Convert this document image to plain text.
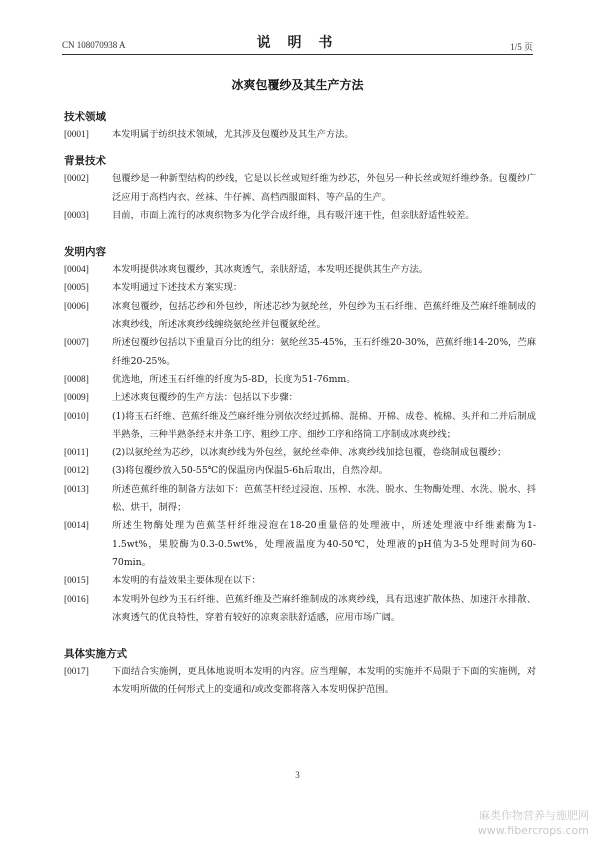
CN 108070938 A	说 明 书	1/5 页
冰爽包覆纱及其生产方法
技术领域
[0001]	本发明属于纺织技术领域，尤其涉及包覆纱及其生产方法。
背景技术
[0002]	包覆纱是一种新型结构的纱线，它是以长丝或短纤维为纱芯，外包另一种长丝或短纤维纱条。包覆纱广泛应用于高档内衣、丝袜、牛仔裤、高档西服面料、等产品的生产。
[0003]	目前，市面上流行的冰爽织物多为化学合成纤维，具有吸汗速干性，但亲肤舒适性较差。
发明内容
[0004]	本发明提供冰爽包覆纱，其冰爽透气，亲肤舒适，本发明还提供其生产方法。
[0005]	本发明通过下述技术方案实现：
[0006]	冰爽包覆纱，包括芯纱和外包纱，所述芯纱为氨纶丝，外包纱为玉石纤维、芭蕉纤维及苎麻纤维制成的冰爽纱线，所述冰爽纱线缠绕氨纶丝并包覆氨纶丝。
[0007]	所述包覆纱包括以下重量百分比的组分：氨纶丝35-45%，玉石纤维20-30%，芭蕉纤维14-20%，苎麻纤维20-25%。
[0008]	优选地，所述玉石纤维的纤度为5-8D，长度为51-76mm。
[0009]	上述冰爽包覆纱的生产方法：包括以下步骤：
[0010]	(1)将玉石纤维、芭蕉纤维及苎麻纤维分别依次经过抓棉、混棉、开棉、成卷、梳棉、头并和二并后制成半熟条，三种半熟条经末并条工序、粗纱工序、细纱工序和络筒工序制成冰爽纱线；
[0011]	(2)以氨纶丝为芯纱，以冰爽纱线为外包丝，氨纶丝牵伸、冰爽纱线加捻包覆，卷绕制成包覆纱；
[0012]	(3)将包覆纱放入50-55℃的保温房内保温5-6h后取出，自然冷却。
[0013]	所述芭蕉纤维的制备方法如下：芭蕉茎杆经过浸泡、压榨、水洗、脱水、生物酶处理、水洗、脱水、抖松、烘干，制得；
[0014]	所述生物酶处理为芭蕉茎杆纤维浸泡在18-20重量倍的处理液中，所述处理液中纤维素酶为1-1.5wt%，果胶酶为0.3-0.5wt%，处理液温度为40-50℃，处理液的pH值为3-5处理时间为60-70min。
[0015]	本发明的有益效果主要体现在以下：
[0016]	本发明外包纱为玉石纤维、芭蕉纤维及苎麻纤维制成的冰爽纱线，具有迅速扩散体热、加速汗水排散、冰爽透气的优良特性，穿着有较好的凉爽亲肤舒适感，应用市场广阔。
具体实施方式
[0017]	下面结合实施例，更具体地说明本发明的内容。应当理解，本发明的实施并不局限于下面的实施例，对本发明所做的任何形式上的变通和/或改变都将落入本发明保护范围。
3
麻类作物营养与施肥网
www.fibercrops.com
